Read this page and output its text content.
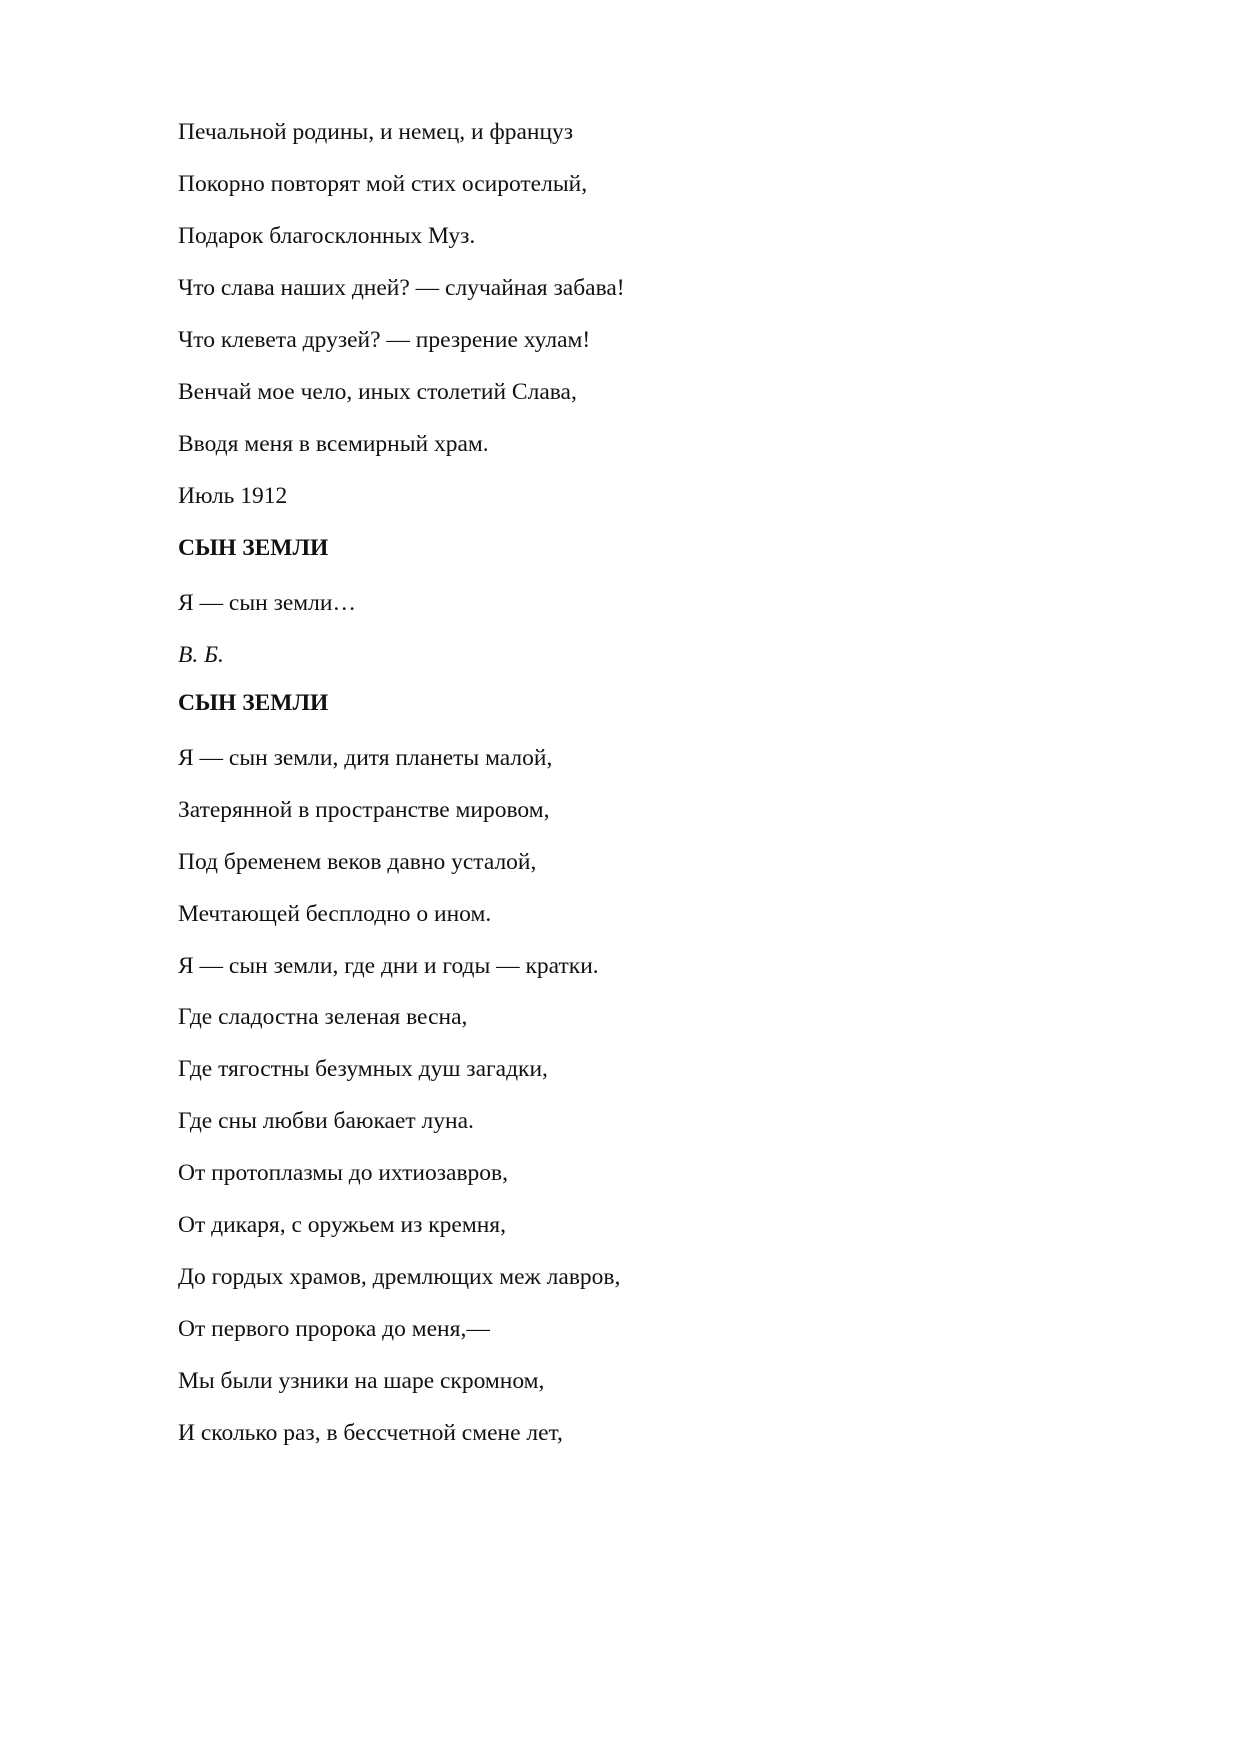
Печальной родины, и немец, и француз

Покорно повторят мой стих осиротелый,

Подарок благосклонных Муз.

Что слава наших дней? — случайная забава!

Что клевета друзей? — презрение хулам!

Венчай мое чело, иных столетий Слава,

Вводя меня в всемирный храм.

Июль 1912

СЫН ЗЕМЛИ

Я — сын земли…

В. Б.

СЫН ЗЕМЛИ

Я — сын земли, дитя планеты малой,

Затерянной в пространстве мировом,

Под бременем веков давно усталой,

Мечтающей бесплодно о ином.

Я — сын земли, где дни и годы — кратки.

Где сладостна зеленая весна,

Где тягостны безумных душ загадки,

Где сны любви баюкает луна.

От протоплазмы до ихтиозавров,

От дикаря, с оружьем из кремня,

До гордых храмов, дремлющих меж лавров,

От первого пророка до меня,—

Мы были узники на шаре скромном,

И сколько раз, в бессчетной смене лет,
